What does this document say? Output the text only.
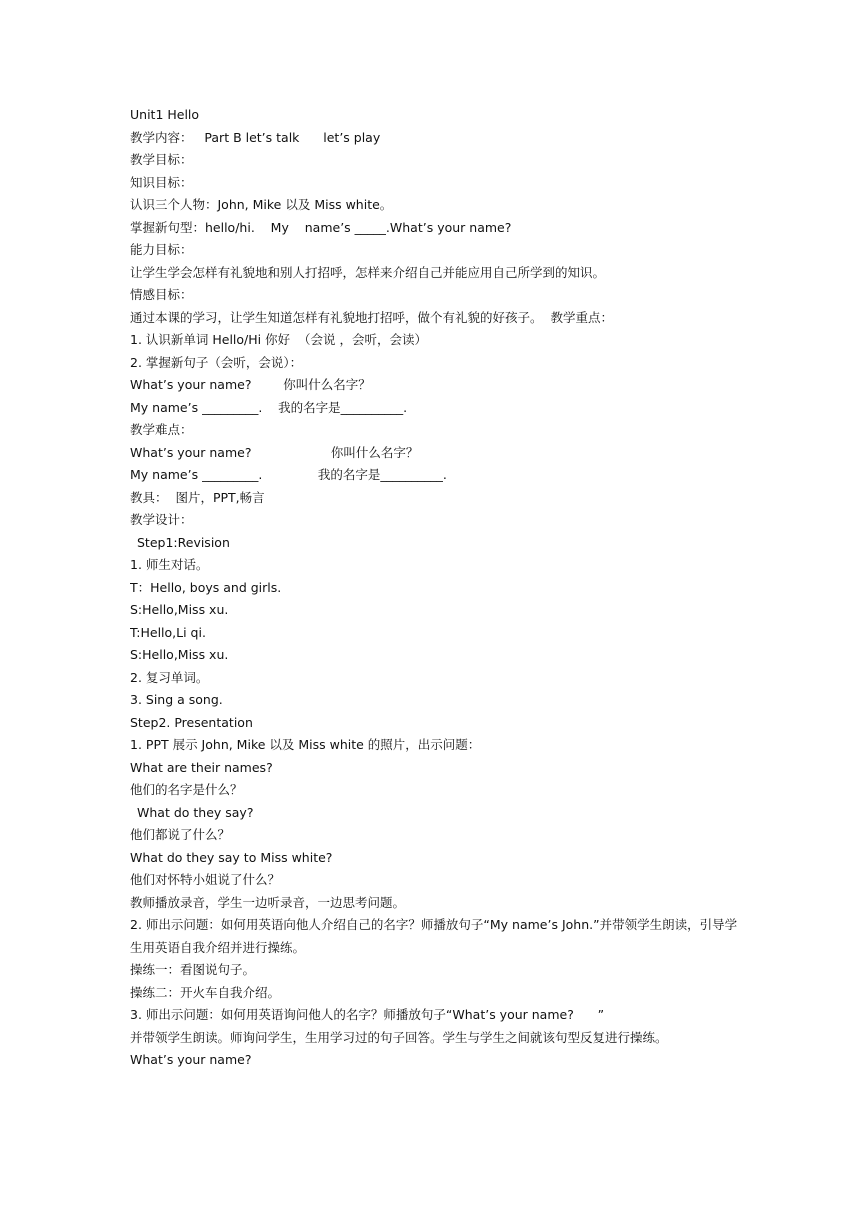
Unit1 Hello
教学内容：   Part B let’s talk      let’s play
教学目标：
知识目标：
认识三个人物：John, Mike 以及 Miss white。
掌握新句型：hello/hi.    My    name’s _____.What’s your name?
能力目标：
让学生学会怎样有礼貌地和别人打招呼，怎样来介绍自己并能应用自己所学到的知识。
情感目标：
通过本课的学习，让学生知道怎样有礼貌地打招呼，做个有礼貌的好孩子。  教学重点：
1. 认识新单词 Hello/Hi 你好  （会说 ，会听，会读）
2. 掌握新句子（会听，会说）：
What’s your name?        你叫什么名字？
My name’s _________.    我的名字是__________.
教学难点：
What’s your name?                    你叫什么名字？
My name’s _________.              我的名字是__________.
教具：  图片，PPT,畅言
教学设计：
Step1:Revision
1. 师生对话。
T：Hello, boys and girls.
S:Hello,Miss xu.
T:Hello,Li qi.
S:Hello,Miss xu.
2. 复习单词。
3. Sing a song.
Step2. Presentation
1. PPT 展示 John, Mike 以及 Miss white 的照片，出示问题：
What are their names?
他们的名字是什么？
What do they say?
他们都说了什么？
What do they say to Miss white?
他们对怀特小姐说了什么？
教师播放录音，学生一边听录音，一边思考问题。
2. 师出示问题：如何用英语向他人介绍自己的名字？师播放句子“My name’s John.”并带领学生朗读，引导学生用英语自我介绍并进行操练。
操练一：看图说句子。
操练二：开火车自我介绍。
3. 师出示问题：如何用英语询问他人的名字？师播放句子“What’s your name?      ”
并带领学生朗读。师询问学生，生用学习过的句子回答。学生与学生之间就该句型反复进行操练。
What’s your name?
